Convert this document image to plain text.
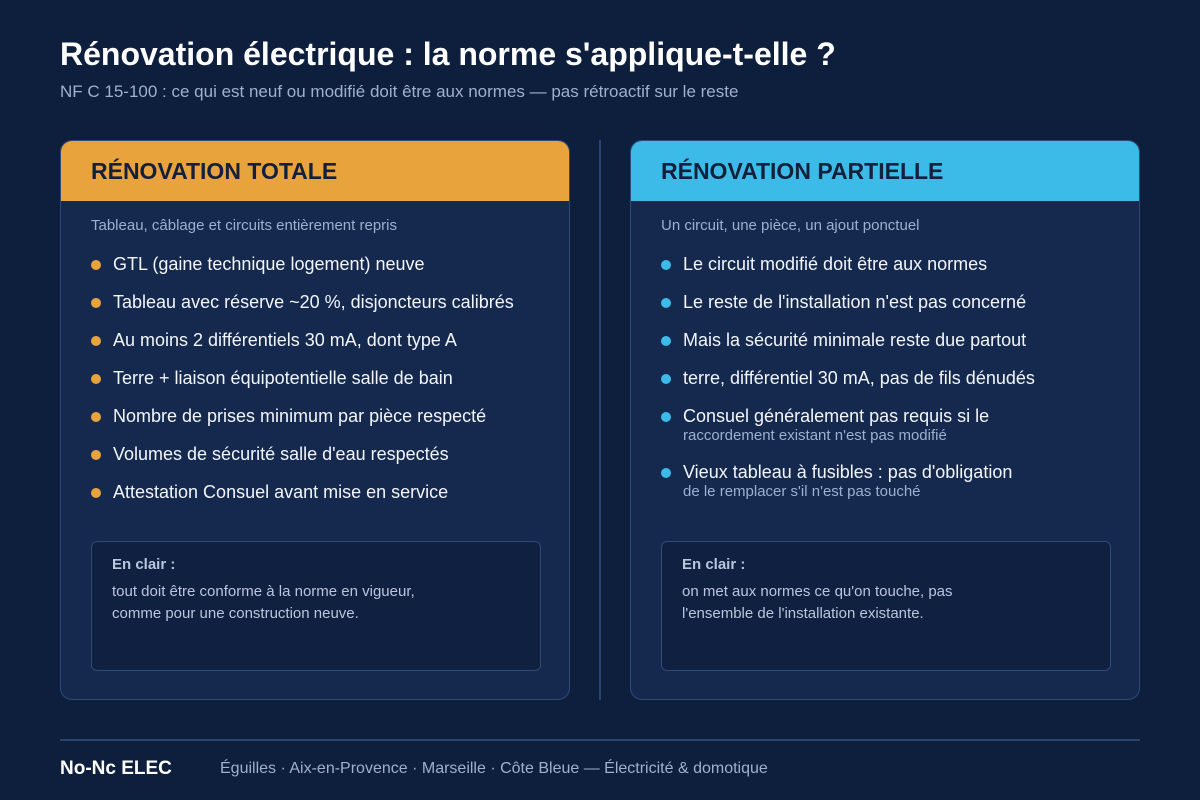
Rénovation électrique : la norme s'applique-t-elle ?
NF C 15-100 : ce qui est neuf ou modifié doit être aux normes — pas rétroactif sur le reste
RÉNOVATION TOTALE
Tableau, câblage et circuits entièrement repris
GTL (gaine technique logement) neuve
Tableau avec réserve ~20 %, disjoncteurs calibrés
Au moins 2 différentiels 30 mA, dont type A
Terre + liaison équipotentielle salle de bain
Nombre de prises minimum par pièce respecté
Volumes de sécurité salle d'eau respectés
Attestation Consuel avant mise en service
En clair :
tout doit être conforme à la norme en vigueur,
comme pour une construction neuve.
RÉNOVATION PARTIELLE
Un circuit, une pièce, un ajout ponctuel
Le circuit modifié doit être aux normes
Le reste de l'installation n'est pas concerné
Mais la sécurité minimale reste due partout
terre, différentiel 30 mA, pas de fils dénudés
Consuel généralement pas requis si le
raccordement existant n'est pas modifié
Vieux tableau à fusibles : pas d'obligation
de le remplacer s'il n'est pas touché
En clair :
on met aux normes ce qu'on touche, pas
l'ensemble de l'installation existante.
No-Nc ELEC	Éguilles · Aix-en-Provence · Marseille · Côte Bleue — Électricité & domotique
